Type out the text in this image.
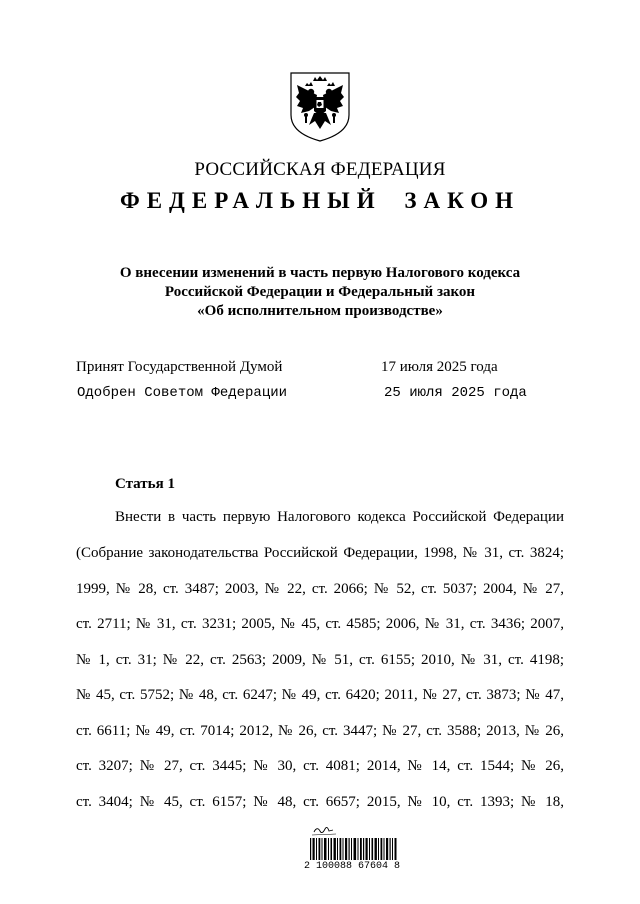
РОССИЙСКАЯ ФЕДЕРАЦИЯ
ФЕДЕРАЛЬНЫЙ ЗАКОН
О внесении изменений в часть первую Налогового кодекса
Российской Федерации и Федеральный закон
«Об исполнительном производстве»
Принят Государственной Думой	17 июля 2025 года
Одобрен Советом Федерации	25 июля 2025 года
Статья 1
Внести в часть первую Налогового кодекса Российской Федерации
(Собрание законодательства Российской Федерации, 1998, № 31, ст. 3824;
1999, № 28, ст. 3487; 2003, № 22, ст. 2066; № 52, ст. 5037; 2004, № 27,
ст. 2711; № 31, ст. 3231; 2005, № 45, ст. 4585; 2006, № 31, ст. 3436; 2007,
№ 1, ст. 31; № 22, ст. 2563; 2009, № 51, ст. 6155; 2010, № 31, ст. 4198;
№ 45, ст. 5752; № 48, ст. 6247; № 49, ст. 6420; 2011, № 27, ст. 3873; № 47,
ст. 6611; № 49, ст. 7014; 2012, № 26, ст. 3447; № 27, ст. 3588; 2013, № 26,
ст. 3207; № 27, ст. 3445; № 30, ст. 4081; 2014, № 14, ст. 1544; № 26,
ст. 3404; № 45, ст. 6157; № 48, ст. 6657; 2015, № 10, ст. 1393; № 18,
2 100088 67604 8
